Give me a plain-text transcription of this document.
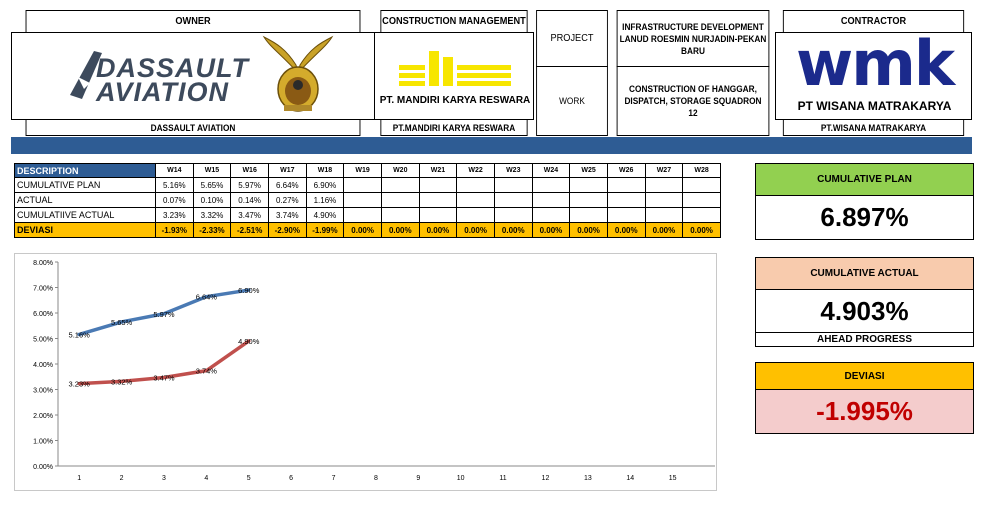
OWNER
DASSAULT
AVIATION
DASSAULT AVIATION
CONSTRUCTION MANAGEMENT
PT. MANDIRI KARYA RESWARA
PT.MANDIRI KARYA RESWARA
PROJECT
INFRASTRUCTURE DEVELOPMENT LANUD ROESMIN NURJADIN-PEKAN BARU
WORK
CONSTRUCTION OF HANGGAR, DISPATCH, STORAGE SQUADRON 12
CONTRACTOR
wmk
PT WISANA MATRAKARYA
PT.WISANA MATRAKARYA
DESCRIPTION	W14	W15	W16	W17	W18	W19	W20	W21	W22	W23	W24	W25	W26	W27	W28
CUMULATIVE PLAN	5.16%	5.65%	5.97%	6.64%	6.90%
ACTUAL	0.07%	0.10%	0.14%	0.27%	1.16%
CUMULATIIVE ACTUAL	3.23%	3.32%	3.47%	3.74%	4.90%
DEVIASI	-1.93%	-2.33%	-2.51%	-2.90%	-1.99%	0.00%	0.00%	0.00%	0.00%	0.00%	0.00%	0.00%	0.00%	0.00%	0.00%
0.00%
1.00%
2.00%
3.00%
4.00%
5.00%
6.00%
7.00%
8.00%
1	2	3	4	5	6	7	8	9	10	11	12	13	14	15
5.16%
5.65%
5.97%
6.64%
6.90%
3.23%	3.32%	3.47%
3.74%
4.90%
CUMULATIVE PLAN
6.897%
CUMULATIVE ACTUAL
4.903%
AHEAD PROGRESS
DEVIASI
-1.995%
